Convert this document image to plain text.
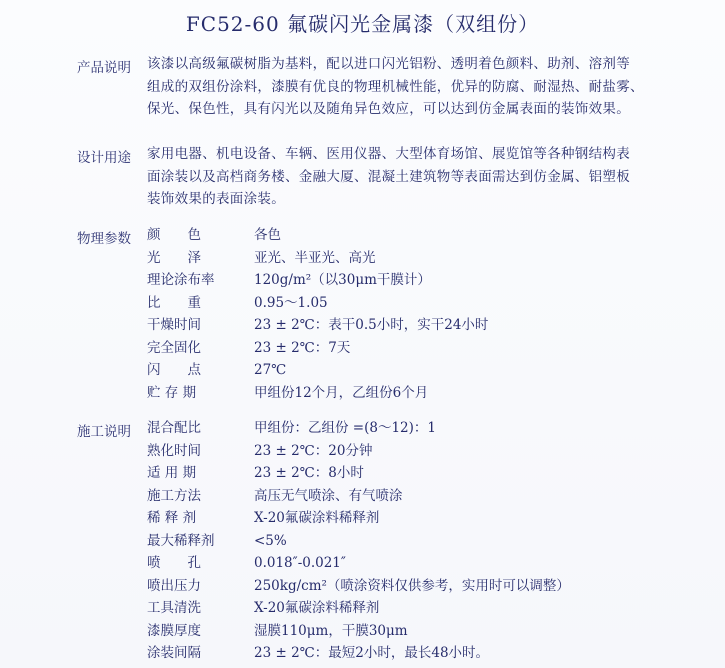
FC52-60 氟碳闪光金属漆（双组份）
产品说明 该漆以高级氟碳树脂为基料，配以进口闪光铝粉、透明着色颜料、助剂、溶剂等
组成的双组份涂料，漆膜有优良的物理机械性能，优异的防腐、耐湿热、耐盐雾、
保光、保色性，具有闪光以及随角异色效应，可以达到仿金属表面的装饰效果。
设计用途 家用电器、机电设备、车辆、医用仪器、大型体育场馆、展览馆等各种钢结构表
面涂装以及高档商务楼、金融大厦、混凝土建筑物等表面需达到仿金属、铝塑板
装饰效果的表面涂装。
物理参数 颜　　色	各色
光　　泽	亚光、半亚光、高光
理论涂布率	120g/m²（以30μm干膜计）
比　　重	0.95～1.05
干燥时间	23 ± 2℃：表干0.5小时，实干24小时
完全固化	23 ± 2℃：7天
闪　　点	27℃
贮 存 期	甲组份12个月，乙组份6个月
施工说明 混合配比	甲组份：乙组份 =(8～12)：1
熟化时间	23 ± 2℃：20分钟
适 用 期	23 ± 2℃：8小时
施工方法	高压无气喷涂、有气喷涂
稀 释 剂	X-20氟碳涂料稀释剂
最大稀释剂	<5%
喷　　孔	0.018″-0.021″
喷出压力	250kg/cm²（喷涂资料仅供参考，实用时可以调整）
工具清洗	X-20氟碳涂料稀释剂
漆膜厚度	湿膜110μm，干膜30μm
涂装间隔	23 ± 2℃：最短2小时，最长48小时。
